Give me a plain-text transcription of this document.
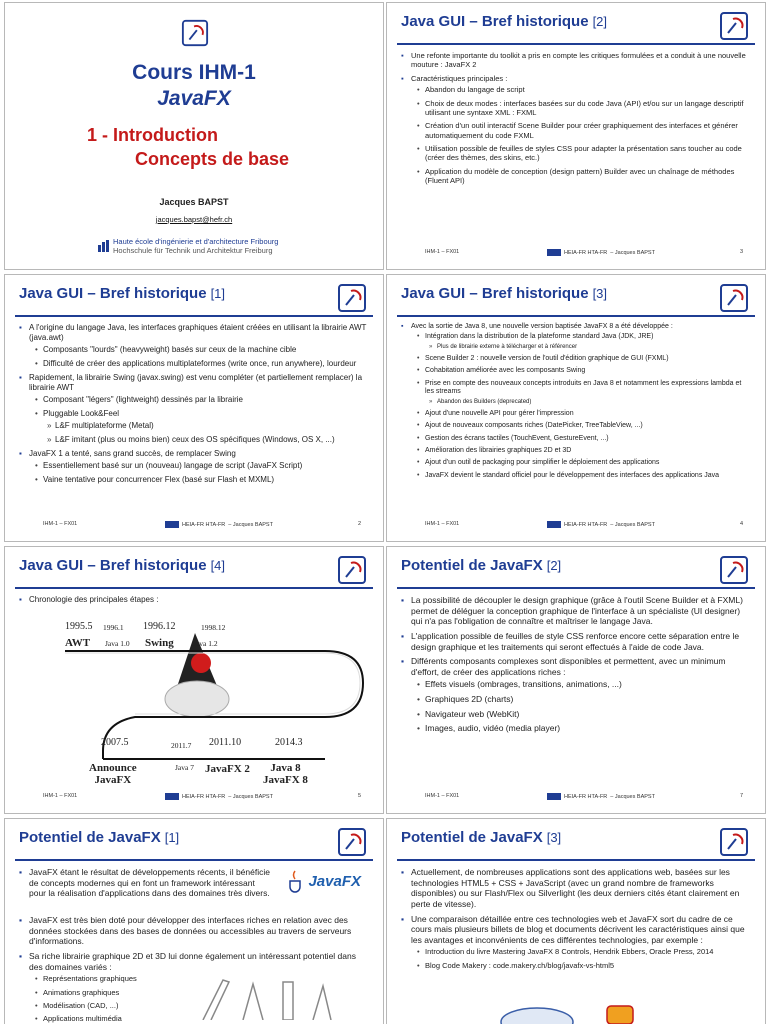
Cours IHM-1
JavaFX
1 - Introduction
Concepts de base
Jacques BAPST
jacques.bapst@hefr.ch
Haute école d'ingénierie et d'architecture Fribourg
Hochschule für Technik und Architektur Freiburg
Java GUI – Bref historique [2]
▪ Une refonte importante du toolkit a pris en compte les critiques formulées et a conduit à une nouvelle mouture : JavaFX 2
▪ Caractéristiques principales :
• Abandon du langage de script
• Choix de deux modes : interfaces basées sur du code Java (API) et/ou sur un langage descriptif utilisant une syntaxe XML : FXML
• Création d'un outil interactif Scene Builder pour créer graphiquement des interfaces et générer automatiquement du code FXML
• Utilisation possible de feuilles de styles CSS pour adapter la présentation sans toucher au code (créer des thèmes, des skins, etc.)
• Application du modèle de conception (design pattern) Builder avec un chaînage de méthodes (Fluent API)
IHM-1 – FX01	HEIA-FR HTA-FR – Jacques BAPST	3
Java GUI – Bref historique [1]
▪ A l'origine du langage Java, les interfaces graphiques étaient créées en utilisant la librairie AWT (java.awt)
• Composants "lourds" (heavyweight) basés sur ceux de la machine cible
• Difficulté de créer des applications multiplateformes (write once, run anywhere), lourdeur
▪ Rapidement, la librairie Swing (javax.swing) est venu compléter (et partiellement remplacer) la librairie AWT
• Composant "légers" (lightweight) dessinés par la librairie
• Pluggable Look&Feel
» L&F multiplateforme (Metal)
» L&F imitant (plus ou moins bien) ceux des OS spécifiques (Windows, OS X, ...)
▪ JavaFX 1 a tenté, sans grand succès, de remplacer Swing
• Essentiellement basé sur un (nouveau) langage de script (JavaFX Script)
• Vaine tentative pour concurrencer Flex (basé sur Flash et MXML)
IHM-1 – FX01	HEIA-FR HTA-FR – Jacques BAPST	2
Java GUI – Bref historique [3]
▪ Avec la sortie de Java 8, une nouvelle version baptisée JavaFX 8 a été développée :
• Intégration dans la distribution de la plateforme standard Java (JDK, JRE)
» Plus de librairie externe à télécharger et à référencer
• Scene Builder 2 : nouvelle version de l'outil d'édition graphique de GUI (FXML)
• Cohabitation améliorée avec les composants Swing
• Prise en compte des nouveaux concepts introduits en Java 8 et notamment les expressions lambda et les streams
» Abandon des Builders (deprecated)
• Ajout d'une nouvelle API pour gérer l'impression
• Ajout de nouveaux composants riches (DatePicker, TreeTableView, ...)
• Gestion des écrans tactiles (TouchEvent, GestureEvent, ...)
• Amélioration des librairies graphiques 2D et 3D
• Ajout d'un outil de packaging pour simplifier le déploiement des applications
• JavaFX devient le standard officiel pour le développement des interfaces des applications Java
IHM-1 – FX01	HEIA-FR HTA-FR – Jacques BAPST	4
Java GUI – Bref historique [4]
▪ Chronologie des principales étapes :
1995.5 1996.1 1996.12	1998.12
AWT Java 1.0 Swing	Java 1.2
2007.5	2011.7 2011.10	2014.3
Announce
JavaFX
Java 7 JavaFX 2	Java 8
JavaFX 8
IHM-1 – FX01	HEIA-FR HTA-FR – Jacques BAPST	5
Potentiel de JavaFX [2]
▪ La possibilité de découpler le design graphique (grâce à l'outil Scene Builder et à FXML) permet de déléguer la conception graphique de l'interface à un spécialiste (UI designer) qui n'a pas l'obligation de connaître et maîtriser le langage Java.
▪ L'application possible de feuilles de style CSS renforce encore cette séparation entre le design graphique et les traitements qui seront effectués à l'aide de code Java.
▪ Différents composants complexes sont disponibles et permettent, avec un minimum d'effort, de créer des applications riches :
• Effets visuels (ombrages, transitions, animations, ...)
• Graphiques 2D (charts)
• Navigateur web (WebKit)
• Images, audio, vidéo (media player)
IHM-1 – FX01	HEIA-FR HTA-FR – Jacques BAPST	7
Potentiel de JavaFX [1]
JavaFX
▪ JavaFX étant le résultat de développements récents, il bénéficie de concepts modernes qui en font un framework intéressant pour la réalisation d'applications dans des domaines très divers.
▪ JavaFX est très bien doté pour développer des interfaces riches en relation avec des données stockées dans des bases de données ou accessibles au travers de serveurs d'informations.
▪ Sa riche librairie graphique 2D et 3D lui donne également un intéressant potentiel dans des domaines variés :
• Représentations graphiques
• Animations graphiques
• Modélisation (CAD, ...)
• Applications multimédia
Potentiel de JavaFX [3]
▪ Actuellement, de nombreuses applications sont des applications web, basées sur les technologies HTML5 + CSS + JavaScript (avec un grand nombre de frameworks disponibles) ou sur Flash/Flex ou Silverlight (les deux derniers cités étant clairement en perte de vitesse).
▪ Une comparaison détaillée entre ces technologies web et JavaFX sort du cadre de ce cours mais plusieurs billets de blog et documents décrivent les caractéristiques ainsi que les avantages et inconvénients de ces différentes technologies, par exemple :
• Introduction du livre Mastering JavaFX 8 Controls, Hendrik Ebbers, Oracle Press, 2014
• Blog Code Makery : code.makery.ch/blog/javafx-vs-html5
